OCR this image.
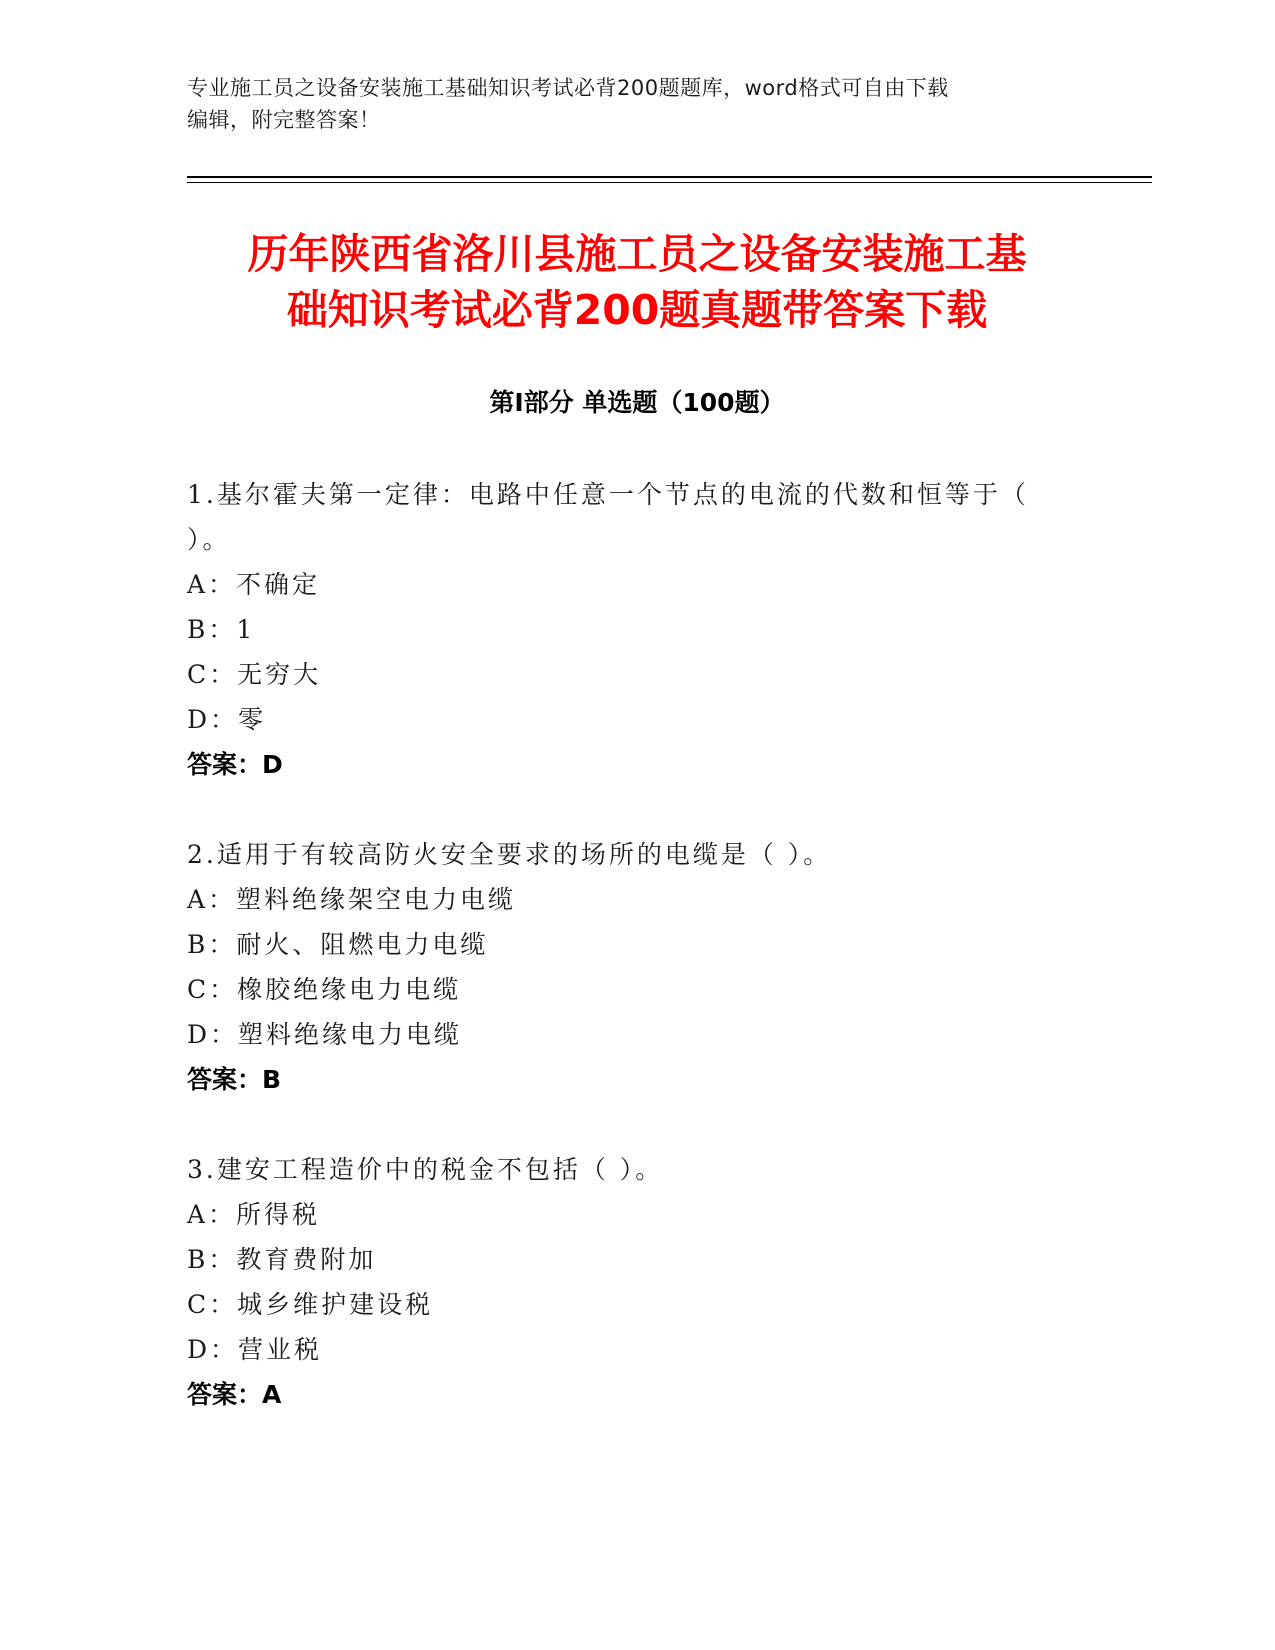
专业施工员之设备安装施工基础知识考试必背200题题库，word格式可自由下载
编辑，附完整答案！
历年陕西省洛川县施工员之设备安装施工基
础知识考试必背200题真题带答案下载
第I部分 单选题（100题）
1.基尔霍夫第一定律：电路中任意一个节点的电流的代数和恒等于（
）。
A：不确定
B：1
C：无穷大
D：零
答案：D
2.适用于有较高防火安全要求的场所的电缆是（ ）。
A：塑料绝缘架空电力电缆
B：耐火、阻燃电力电缆
C：橡胶绝缘电力电缆
D：塑料绝缘电力电缆
答案：B
3.建安工程造价中的税金不包括（ ）。
A：所得税
B：教育费附加
C：城乡维护建设税
D：营业税
答案：A
